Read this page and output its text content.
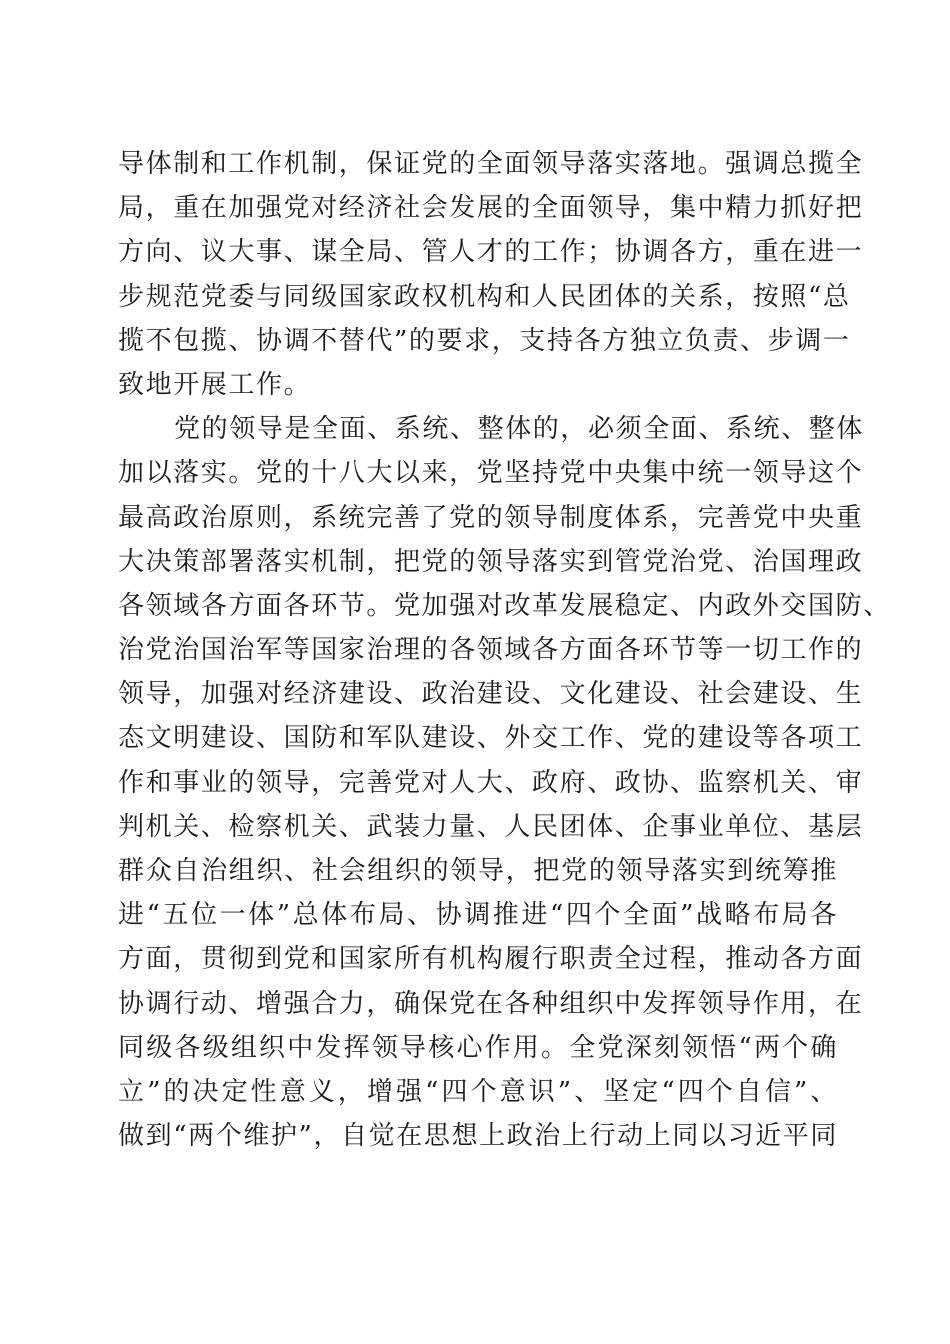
导体制和工作机制，保证党的全面领导落实落地。强调总揽全
局，重在加强党对经济社会发展的全面领导，集中精力抓好把
方向、议大事、谋全局、管人才的工作；协调各方，重在进一
步规范党委与同级国家政权机构和人民团体的关系，按照“总
揽不包揽、协调不替代”的要求，支持各方独立负责、步调一
致地开展工作。
党的领导是全面、系统、整体的，必须全面、系统、整体
加以落实。党的十八大以来，党坚持党中央集中统一领导这个
最高政治原则，系统完善了党的领导制度体系，完善党中央重
大决策部署落实机制，把党的领导落实到管党治党、治国理政
各领域各方面各环节。党加强对改革发展稳定、内政外交国防、
治党治国治军等国家治理的各领域各方面各环节等一切工作的
领导，加强对经济建设、政治建设、文化建设、社会建设、生
态文明建设、国防和军队建设、外交工作、党的建设等各项工
作和事业的领导，完善党对人大、政府、政协、监察机关、审
判机关、检察机关、武装力量、人民团体、企事业单位、基层
群众自治组织、社会组织的领导，把党的领导落实到统筹推
进“五位一体”总体布局、协调推进“四个全面”战略布局各
方面，贯彻到党和国家所有机构履行职责全过程，推动各方面
协调行动、增强合力，确保党在各种组织中发挥领导作用，在
同级各级组织中发挥领导核心作用。全党深刻领悟“两个确
立”的决定性意义，增强“四个意识”、坚定“四个自信”、
做到“两个维护”，自觉在思想上政治上行动上同以习近平同
